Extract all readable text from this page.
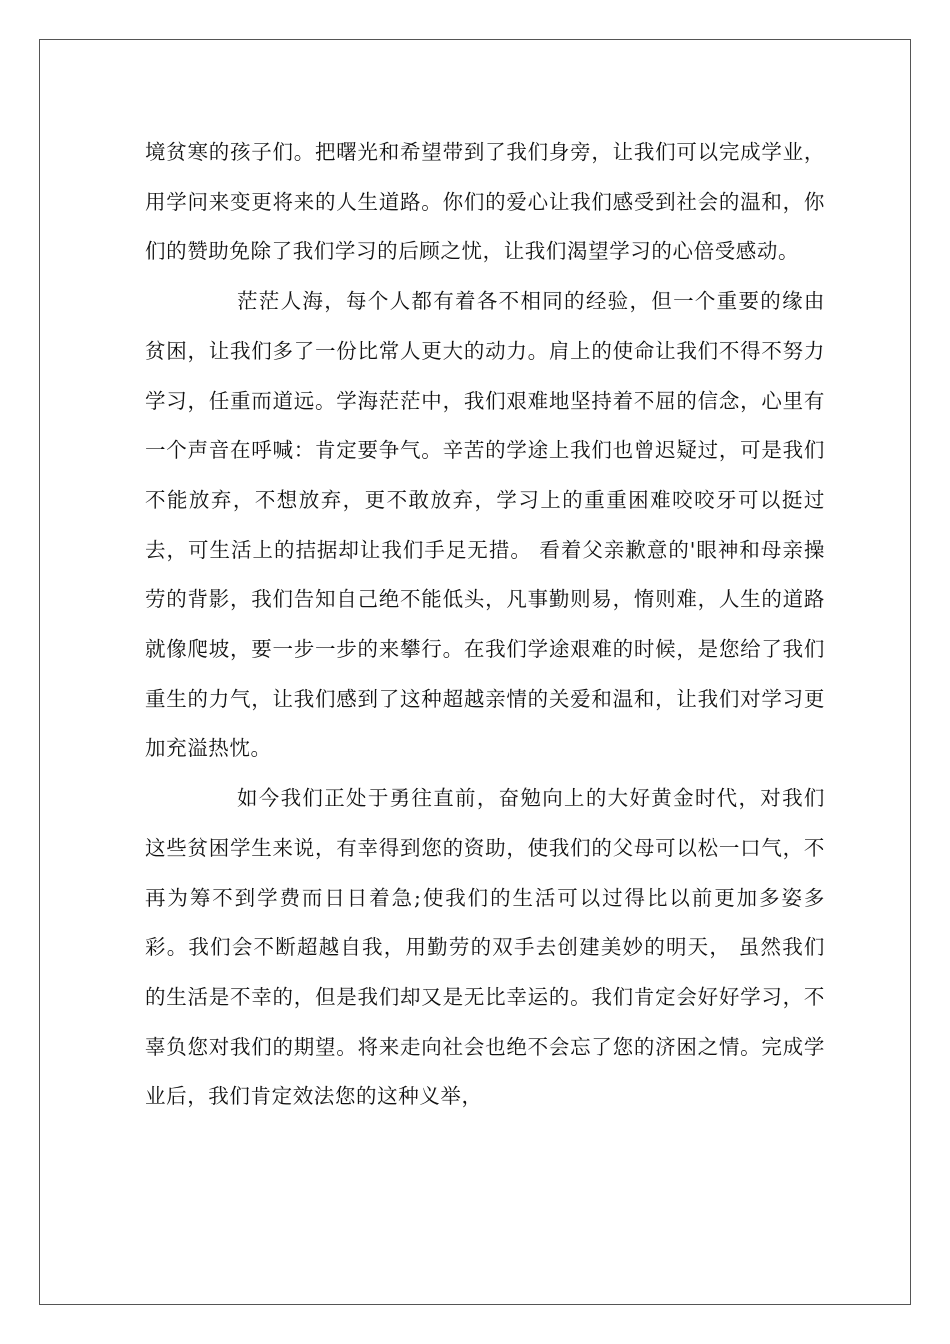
境贫寒的孩子们。把曙光和希望带到了我们身旁，让我们可以完成学业，用学问来变更将来的人生道路。你们的爱心让我们感受到社会的温和，你们的赞助免除了我们学习的后顾之忧，让我们渴望学习的心倍受感动。

茫茫人海，每个人都有着各不相同的经验，但一个重要的缘由贫困，让我们多了一份比常人更大的动力。肩上的使命让我们不得不努力学习，任重而道远。学海茫茫中，我们艰难地坚持着不屈的信念，心里有一个声音在呼喊：肯定要争气。辛苦的学途上我们也曾迟疑过，可是我们不能放弃，不想放弃，更不敢放弃，学习上的重重困难咬咬牙可以挺过去，可生活上的拮据却让我们手足无措。 看着父亲歉意的'眼神和母亲操劳的背影，我们告知自己绝不能低头，凡事勤则易，惰则难，人生的道路就像爬坡，要一步一步的来攀行。在我们学途艰难的时候，是您给了我们重生的力气，让我们感到了这种超越亲情的关爱和温和，让我们对学习更加充溢热忱。

如今我们正处于勇往直前，奋勉向上的大好黄金时代，对我们这些贫困学生来说，有幸得到您的资助，使我们的父母可以松一口气，不再为筹不到学费而日日着急;使我们的生活可以过得比以前更加多姿多彩。我们会不断超越自我，用勤劳的双手去创建美妙的明天， 虽然我们的生活是不幸的，但是我们却又是无比幸运的。我们肯定会好好学习，不辜负您对我们的期望。将来走向社会也绝不会忘了您的济困之情。完成学业后，我们肯定效法您的这种义举，
